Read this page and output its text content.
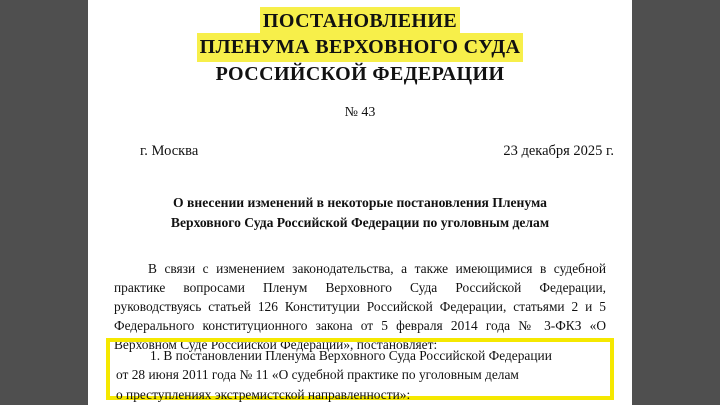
ПОСТАНОВЛЕНИЕ
ПЛЕНУМА ВЕРХОВНОГО СУДА
РОССИЙСКОЙ ФЕДЕРАЦИИ
№ 43
г. Москва	23 декабря 2025 г.
О внесении изменений в некоторые постановления Пленума
Верховного Суда Российской Федерации по уголовным делам
В связи с изменением законодательства, а также имеющимися в судебной практике вопросами Пленум Верховного Суда Российской Федерации, руководствуясь статьей 126 Конституции Российской Федерации, статьями 2 и 5 Федерального конституционного закона от 5 февраля 2014 года № 3-ФКЗ «О Верховном Суде Российской Федерации», постановляет:
1. В постановлении Пленума Верховного Суда Российской Федерации
от 28 июня 2011 года № 11 «О судебной практике по уголовным делам
о преступлениях экстремистской направленности»:
